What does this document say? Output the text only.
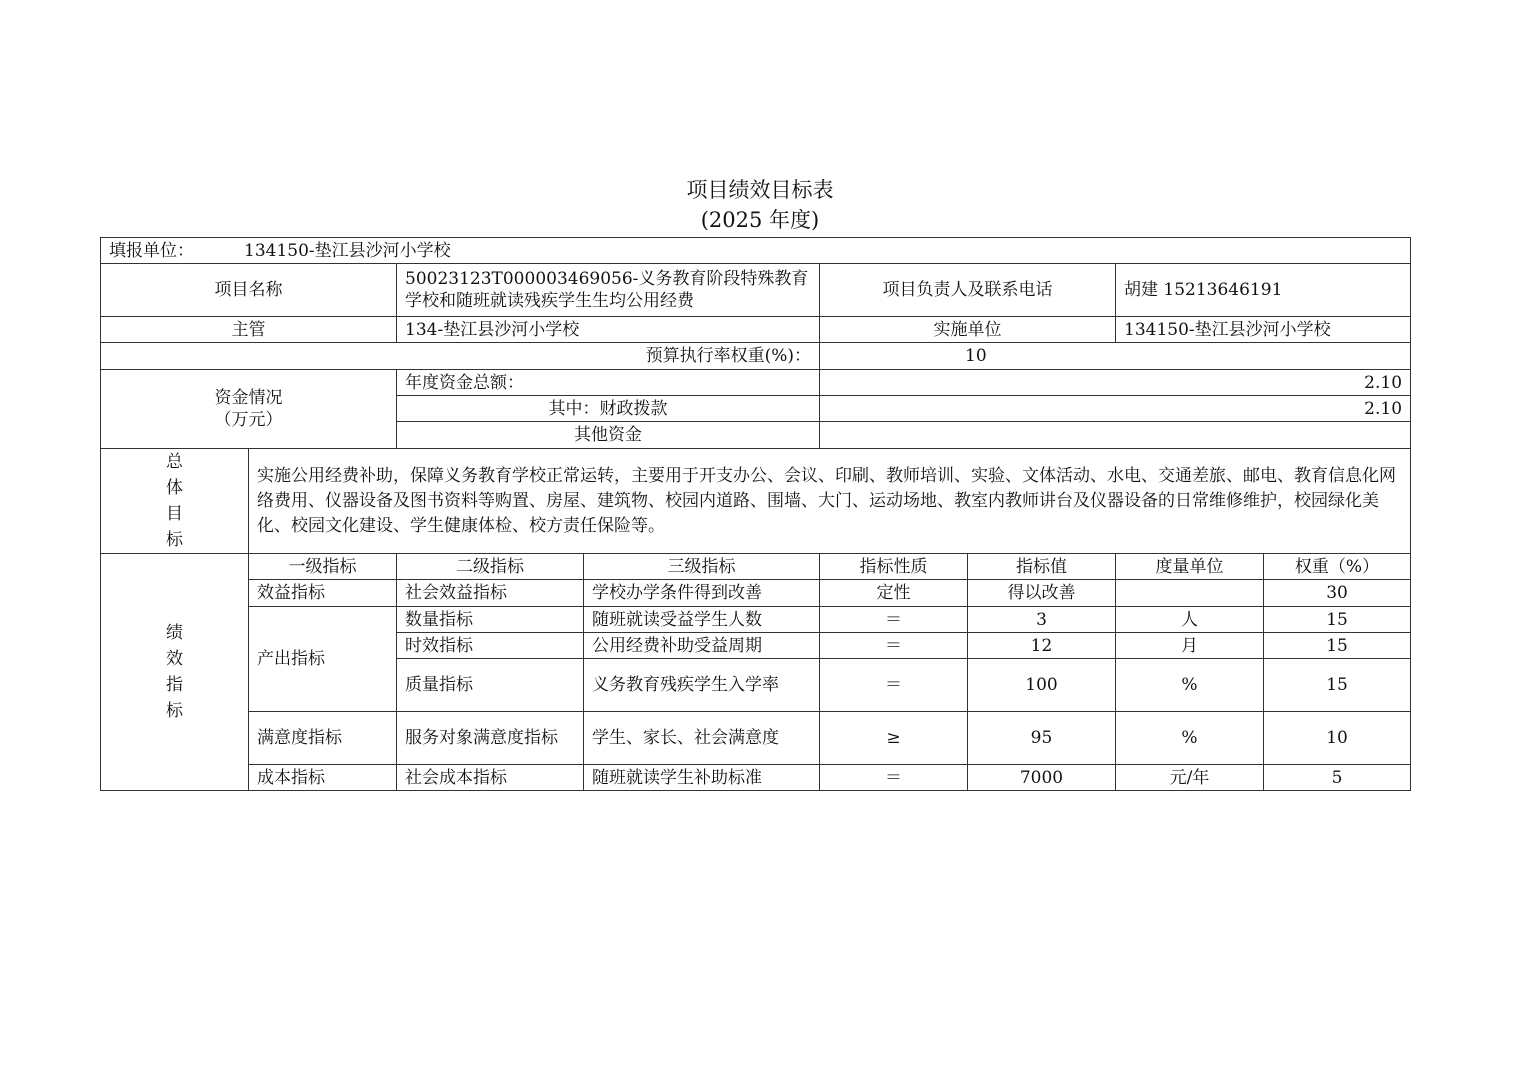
项目绩效目标表
(2025 年度)
填报单位： 134150-垫江县沙河小学校							
项目名称		50023123T000003469056-义务教育阶段特殊教育学校和随班就读残疾学生生均公用经费		项目负责人及联系电话		胡建 15213646191	
主管		134-垫江县沙河小学校		实施单位		134150-垫江县沙河小学校	
预算执行率权重(%)：				10			

资金情况
（万元）		年度资金总额：		2.10			
		其中：财政拨款		2.10			
		其他资金					

总
体
目
标	实施公用经费补助，保障义务教育学校正常运转，主要用于开支办公、会议、印刷、教师培训、实验、文体活动、水电、交通差旅、邮电、教育信息化网络费用、仪器设备及图书资料等购置、房屋、建筑物、校园内道路、围墙、大门、运动场地、教室内教师讲台及仪器设备的日常维修维护，校园绿化美化、校园文化建设、学生健康体检、校方责任保险等。						

绩
效
指
标	一级指标	二级指标	三级指标	指标性质	指标值	度量单位	权重（%）
	效益指标	社会效益指标	学校办学条件得到改善	定性	得以改善		30
	产出指标	数量指标	随班就读受益学生人数	＝	3	人	15
		时效指标	公用经费补助受益周期	＝	12	月	15
		质量指标	义务教育残疾学生入学率	＝	100	%	15
	满意度指标	服务对象满意度指标	学生、家长、社会满意度	≥	95	%	10
	成本指标	社会成本指标	随班就读学生补助标准	＝	7000	元/年	5
